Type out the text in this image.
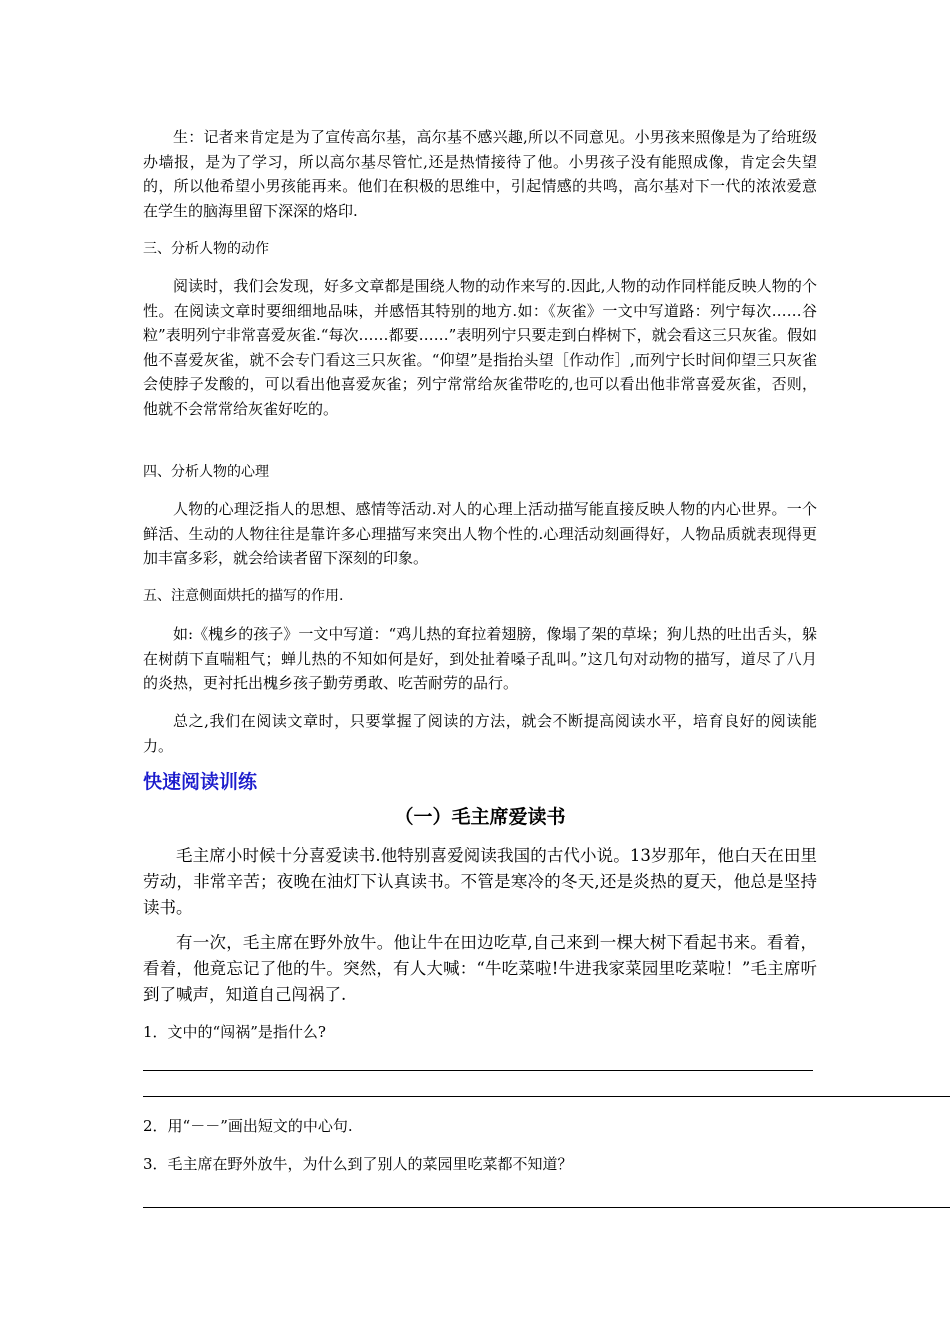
生：记者来肯定是为了宣传高尔基，高尔基不感兴趣,所以不同意见。小男孩来照像是为了给班级办墙报，是为了学习，所以高尔基尽管忙,还是热情接待了他。小男孩子没有能照成像，肯定会失望的，所以他希望小男孩能再来。他们在积极的思维中，引起情感的共鸣，高尔基对下一代的浓浓爱意在学生的脑海里留下深深的烙印.

三、分析人物的动作

阅读时，我们会发现，好多文章都是围绕人物的动作来写的.因此,人物的动作同样能反映人物的个性。在阅读文章时要细细地品味，并感悟其特别的地方.如：《灰雀》一文中写道路：列宁每次……谷粒”表明列宁非常喜爱灰雀.“每次……都要……”表明列宁只要走到白桦树下，就会看这三只灰雀。假如他不喜爱灰雀，就不会专门看这三只灰雀。“仰望”是指抬头望［作动作］,而列宁长时间仰望三只灰雀会使脖子发酸的，可以看出他喜爱灰雀；列宁常常给灰雀带吃的,也可以看出他非常喜爱灰雀，否则，他就不会常常给灰雀好吃的。

四、分析人物的心理

人物的心理泛指人的思想、感情等活动.对人的心理上活动描写能直接反映人物的内心世界。一个鲜活、生动的人物往往是靠许多心理描写来突出人物个性的.心理活动刻画得好，人物品质就表现得更加丰富多彩，就会给读者留下深刻的印象。

五、注意侧面烘托的描写的作用.

如:《槐乡的孩子》一文中写道：“鸡儿热的耷拉着翅膀，像塌了架的草垛；狗儿热的吐出舌头，躲在树荫下直喘粗气；蝉儿热的不知如何是好，到处扯着嗓子乱叫。”这几句对动物的描写，道尽了八月的炎热，更衬托出槐乡孩子勤劳勇敢、吃苦耐劳的品行。

总之,我们在阅读文章时，只要掌握了阅读的方法，就会不断提高阅读水平，培育良好的阅读能力。

快速阅读训练
（一）毛主席爱读书

毛主席小时候十分喜爱读书.他特别喜爱阅读我国的古代小说。13岁那年，他白天在田里劳动，非常辛苦；夜晚在油灯下认真读书。不管是寒冷的冬天,还是炎热的夏天，他总是坚持读书。

有一次，毛主席在野外放牛。他让牛在田边吃草,自己来到一棵大树下看起书来。看着，看着，他竟忘记了他的牛。突然，有人大喊：“牛吃菜啦!牛进我家菜园里吃菜啦！”毛主席听到了喊声，知道自己闯祸了.

1．文中的“闯祸”是指什么?

2．用“－－”画出短文的中心句.

3．毛主席在野外放牛，为什么到了别人的菜园里吃菜都不知道？
